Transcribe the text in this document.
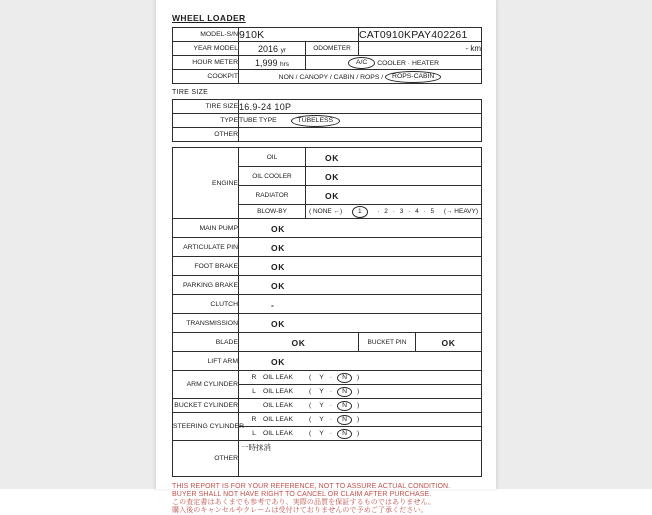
WHEEL LOADER
MODEL-S/N	910K		CAT0910KPAY402261
YEAR MODEL	2016 yr	ODOMETER	- km
HOUR METER	1,999 hrs	A/C COOLER · HEATER	
COOKPIT	NON / CANOPY / CABIN / ROPS / ROPS-CABIN		
TIRE SIZE
TIRE SIZE	16.9-24 10P
TYPE	TUBE TYPE TUBELESS
OTHER	
ENGINE	OIL	OK		
	OIL COOLER	OK		
	RADIATOR	OK		
	BLOW-BY	( NONE ←) 1 · 2 · 3 · 4 · 5 (→ HEAVY)		

MAIN PUMP	OK			
ARTICULATE PIN	OK			
FOOT BRAKE	OK			
PARKING BRAKE	OK			
CLUTCH	-			
TRANSMISSION	OK			
BLADE	OK		BUCKET PIN	OK
LIFT ARM	OK			
ARM CYLINDER	R OIL LEAK ( Y · N )			
	L OIL LEAK ( Y · N )			
BUCKET CYLINDER	OIL LEAK ( Y · N )			
STEERING CYLINDER	R OIL LEAK ( Y · N )			
	L OIL LEAK ( Y · N )			
OTHER	一時抹消			
THIS REPORT IS FOR YOUR REFERENCE, NOT TO ASSURE ACTUAL CONDITION.
BUYER SHALL NOT HAVE RIGHT TO CANCEL OR CLAIM AFTER PURCHASE.
この査定書はあくまでも参考であり、実際の品質を保証するものではありません。
購入後のキャンセルやクレームは受付けておりませんので予めご了承ください。
